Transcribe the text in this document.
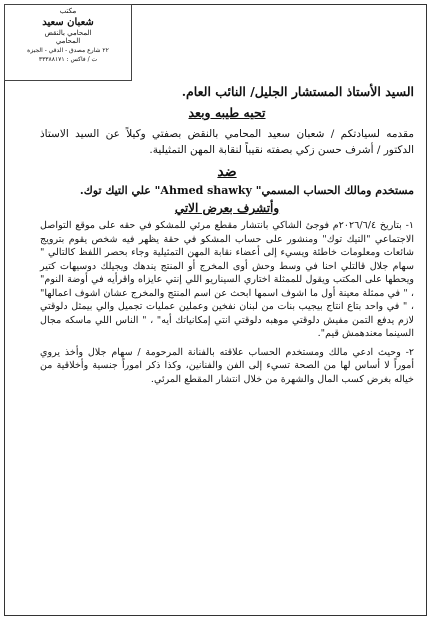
مكتب
شعبان سعيد
المحامي بالنقض
المحامي
٢٢ شارع مصدق - الدقي - الجيزة
ت / فاكس : ٣٣٣٨٨١٧١

السيد الأستاذ المستشار الجليل/ النائب العام.

تحيه طيبه وبعد

مقدمه لسيادتكم / شعبان سعيد المحامي بالنقض بصفتي وكيلاً عن السيد الاستاذ الدكتور / أشرف حسن زكي بصفته نقيباً لنقابة المهن التمثيلية.

ضد

مستخدم ومالك الحساب المسمي" Ahmed shawky" علي التيك توك.

وأتشرف بعرض الاتي

١- بتاريخ ٢٠٢٦/٦/٤م فوجئ الشاكي بانتشار مقطع مرئي للمشكو في حقه على موقع التواصل الاجتماعي "التيك توك" ومنشور على حساب المشكو في حقة يظهر فيه شخص يقوم بترويج شائعات ومعلومات خاطئة ويسيء إلى أعضاء نقابة المهن التمثيلية وجاء بحصر اللفظ كالتالي " سهام جلال قالتلي احنا في وسط وحش أوى المخرج أو المنتج يندهك ويجيلك دوسيهات كتير ويحطها على المكتب ويقول للممثلة اختاري السيناريو اللي إنتي عايزاه واقرأيه في أوضة النوم" ، " في ممثلة معينة أول ما اشوف اسمها ابحث عن اسم المنتج والمخرج عشان اشوف اعمالها" ، " في واحد بتاع انتاج بيجيب بنات من لبنان نفخين وعملين عمليات تجميل والي بيمثل دلوقتي لازم يدفع التمن مفيش دلوقتي موهبه دلوقتي انتي إمكانياتك أيه" ، " الناس اللي ماسكه مجال السينما معندهمش قيم".

٢- وحيث ادعي مالك ومستخدم الحساب علاقته بالفنانة المرحومة / سهام جلال وأخذ يروي أموراً لا أساس لها من الصحة تسيء إلى الفن والفنانين، وكذا ذكر اموراً جنسية وأخلاقية من خياله بغرض كسب المال والشهرة من خلال انتشار المقطع المرئي.
